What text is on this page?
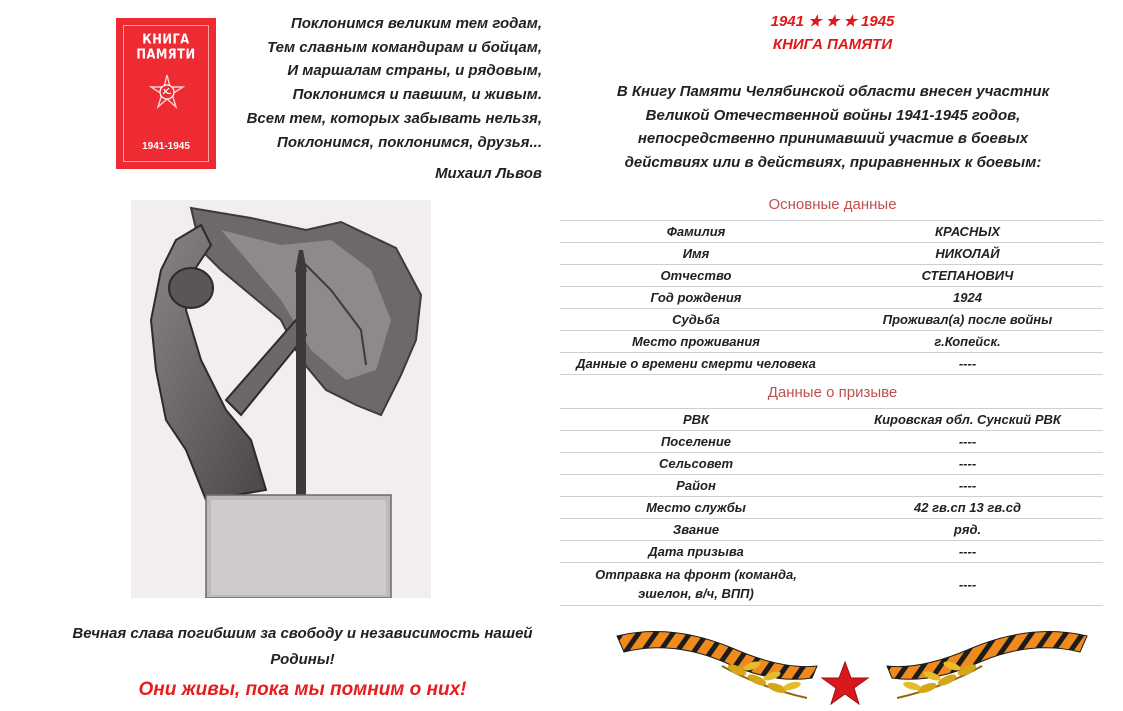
КНИГА
ПАМЯТИ
1941-1945
Поклонимся великим тем годам,
Тем славным командирам и бойцам,
И маршалам страны, и рядовым,
Поклонимся и павшим, и живым.
Всем тем, которых забывать нельзя,
Поклонимся, поклонимся, друзья...
Михаил Львов
Вечная слава погибшим за свободу и независимость нашей
Родины!
Они живы, пока мы помним о них!
1941 ★ ★ ★ 1945
КНИГА ПАМЯТИ
В Книгу Памяти Челябинской области внесен участник
Великой Отечественной войны 1941-1945 годов,
непосредственно принимавший участие в боевых
действиях или в действиях, приравненных к боевым:
Основные данные
Фамилия	КРАСНЫХ
Имя	НИКОЛАЙ
Отчество	СТЕПАНОВИЧ
Год рождения	1924
Судьба	Проживал(а) после войны
Место проживания	г.Копейск.
Данные о времени смерти человека	----
Данные о призыве
РВК	Кировская обл. Сунский РВК
Поселение	----
Сельсовет	----
Район	----
Место службы	42 гв.сп 13 гв.сд
Звание	ряд.
Дата призыва	----
Отправка на фронт (команда,
эшелон, в/ч, ВПП)
----
